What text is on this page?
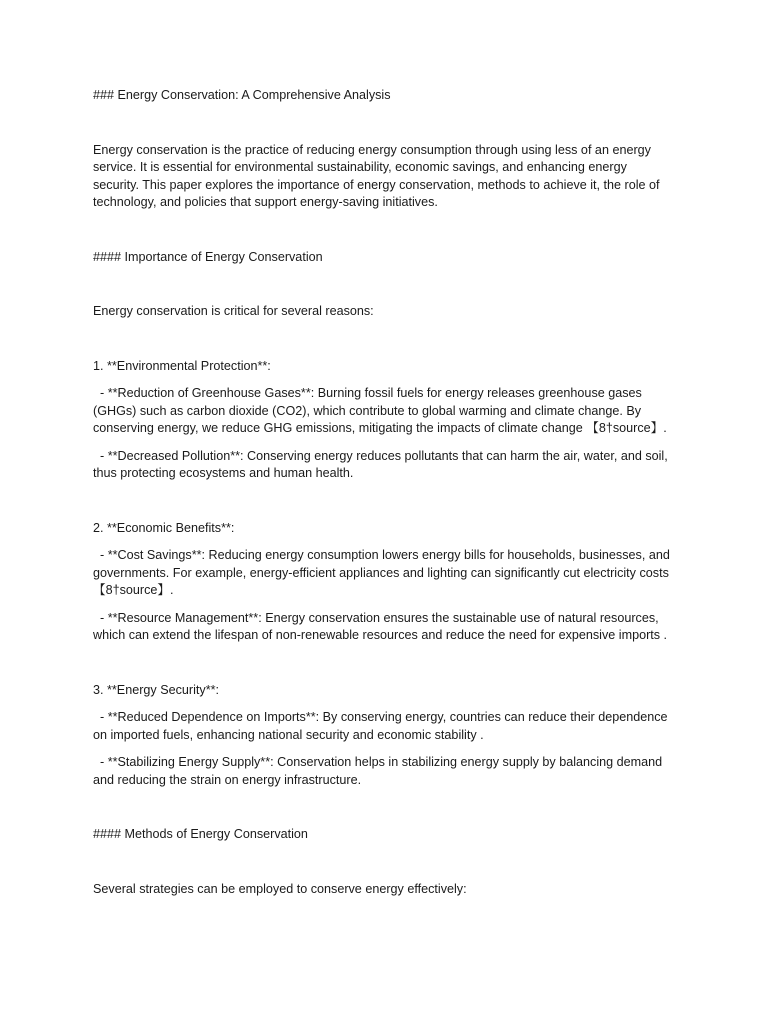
### Energy Conservation: A Comprehensive Analysis

Energy conservation is the practice of reducing energy consumption through using less of an energy service. It is essential for environmental sustainability, economic savings, and enhancing energy security. This paper explores the importance of energy conservation, methods to achieve it, the role of technology, and policies that support energy-saving initiatives.

#### Importance of Energy Conservation

Energy conservation is critical for several reasons:

1. **Environmental Protection**:

- **Reduction of Greenhouse Gases**: Burning fossil fuels for energy releases greenhouse gases (GHGs) such as carbon dioxide (CO2), which contribute to global warming and climate change. By conserving energy, we reduce GHG emissions, mitigating the impacts of climate change 【8†source】.

- **Decreased Pollution**: Conserving energy reduces pollutants that can harm the air, water, and soil, thus protecting ecosystems and human health.

2. **Economic Benefits**:

- **Cost Savings**: Reducing energy consumption lowers energy bills for households, businesses, and governments. For example, energy-efficient appliances and lighting can significantly cut electricity costs 【8†source】.

- **Resource Management**: Energy conservation ensures the sustainable use of natural resources, which can extend the lifespan of non-renewable resources and reduce the need for expensive imports .

3. **Energy Security**:

- **Reduced Dependence on Imports**: By conserving energy, countries can reduce their dependence on imported fuels, enhancing national security and economic stability .

- **Stabilizing Energy Supply**: Conservation helps in stabilizing energy supply by balancing demand and reducing the strain on energy infrastructure.

#### Methods of Energy Conservation

Several strategies can be employed to conserve energy effectively:
